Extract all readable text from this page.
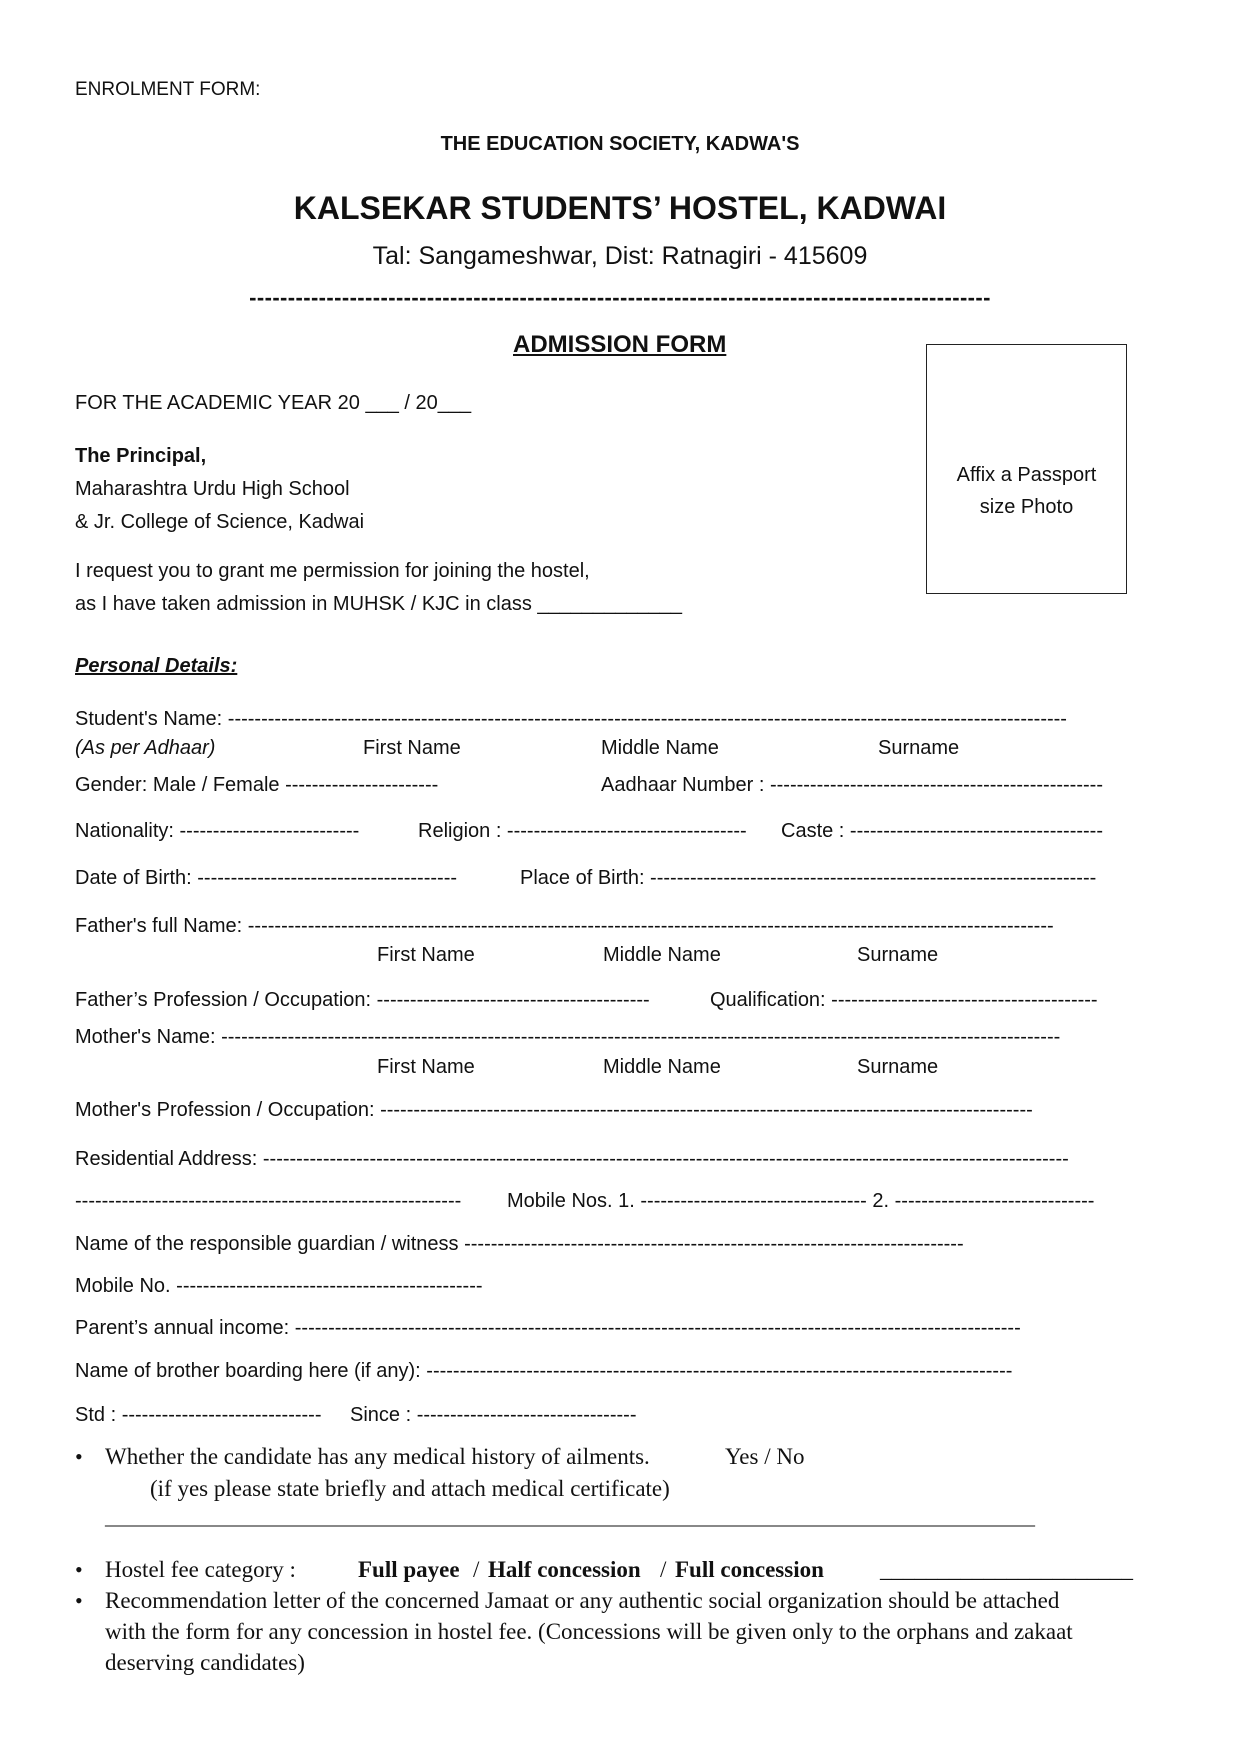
ENROLMENT FORM:
THE EDUCATION SOCIETY, KADWA'S
KALSEKAR STUDENTS’ HOSTEL, KADWAI
Tal: Sangameshwar, Dist: Ratnagiri - 415609
------------------------------------------------------------------------------------------------
ADMISSION FORM
Affix a Passport
size Photo
FOR THE ACADEMIC YEAR 20 ___ / 20___
The Principal,
Maharashtra Urdu High School
& Jr. College of Science, Kadwai
I request you to grant me permission for joining the hostel,
as I have taken admission in MUHSK / KJC in class _____________
Personal Details:
Student's Name: ------------------------------------------------------------------------------------------------------------------------------
(As per Adhaar)	First Name	Middle Name	Surname
Gender: Male / Female -----------------------	Aadhaar Number : --------------------------------------------------
Nationality: ---------------------------	Religion : ------------------------------------ Caste : --------------------------------------
Date of Birth: ---------------------------------------	Place of Birth: -------------------------------------------------------------------
Father's full Name: -------------------------------------------------------------------------------------------------------------------------
First Name	Middle Name	Surname
Father’s Profession / Occupation: -----------------------------------------	Qualification: ----------------------------------------
Mother's Name: ------------------------------------------------------------------------------------------------------------------------------
First Name	Middle Name	Surname
Mother's Profession / Occupation: --------------------------------------------------------------------------------------------------
Residential Address: -------------------------------------------------------------------------------------------------------------------------
---------------------------------------------------------- Mobile Nos. 1. ---------------------------------- 2. ------------------------------
Name of the responsible guardian / witness ---------------------------------------------------------------------------
Mobile No. ----------------------------------------------
Parent’s annual income: -------------------------------------------------------------------------------------------------------------
Name of brother boarding here (if any): ----------------------------------------------------------------------------------------
Std : ------------------------------ Since : ---------------------------------
• Whether the candidate has any medical history of ailments.	Yes / No
(if yes please state briefly and attach medical certificate)
_____________________________________________________________________________________________
• Hostel fee category :	Full payee / Half concession / Full concession ______________________
• Recommendation letter of the concerned Jamaat or any authentic social organization should be attached
with the form for any concession in hostel fee. (Concessions will be given only to the orphans and zakaat
deserving candidates)
